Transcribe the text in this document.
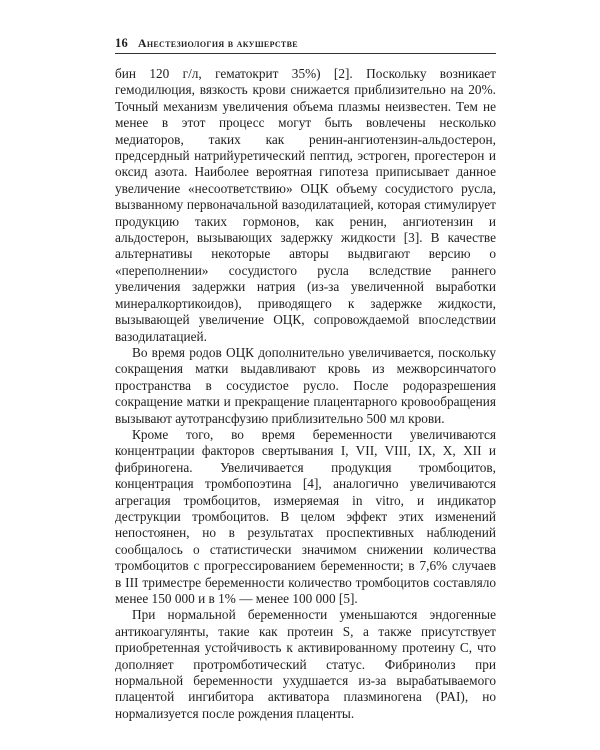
16 Анестезиология в акушерстве

бин 120 г/л, гематокрит 35%) [2]. Поскольку возникает гемодилюция, вязкость крови снижается приблизительно на 20%. Точный механизм увеличения объема плазмы неизвестен. Тем не менее в этот процесс могут быть вовлечены несколько медиаторов, таких как ренин-ангиотензин-альдостерон, предсердный натрийуретический пептид, эстроген, прогестерон и оксид азота. Наиболее вероятная гипотеза приписывает данное увеличение «несоответствию» ОЦК объему сосудистого русла, вызванному первоначальной вазодилатацией, которая стимулирует продукцию таких гормонов, как ренин, ангиотензин и альдостерон, вызывающих задержку жидкости [3]. В качестве альтернативы некоторые авторы выдвигают версию о «переполнении» сосудистого русла вследствие раннего увеличения задержки натрия (из-за увеличенной выработки минералкортикоидов), приводящего к задержке жидкости, вызывающей увеличение ОЦК, сопровождаемой впоследствии вазодилатацией.

Во время родов ОЦК дополнительно увеличивается, поскольку сокращения матки выдавливают кровь из межворсинчатого пространства в сосудистое русло. После родоразрешения сокращение матки и прекращение плацентарного кровообращения вызывают аутотрансфузию приблизительно 500 мл крови.

Кроме того, во время беременности увеличиваются концентрации факторов свертывания I, VII, VIII, IX, X, XII и фибриногена. Увеличивается продукция тромбоцитов, концентрация тромбопоэтина [4], аналогично увеличиваются агрегация тромбоцитов, измеряемая in vitro, и индикатор деструкции тромбоцитов. В целом эффект этих изменений непостоянен, но в результатах проспективных наблюдений сообщалось о статистически значимом снижении количества тромбоцитов с прогрессированием беременности; в 7,6% случаев в III триместре беременности количество тромбоцитов составляло менее 150 000 и в 1% — менее 100 000 [5].

При нормальной беременности уменьшаются эндогенные антикоагулянты, такие как протеин S, а также присутствует приобретенная устойчивость к активированному протеину C, что дополняет протромботический статус. Фибринолиз при нормальной беременности ухудшается из-за вырабатываемого плацентой ингибитора активатора плазминогена (PAI), но нормализуется после рождения плаценты.
